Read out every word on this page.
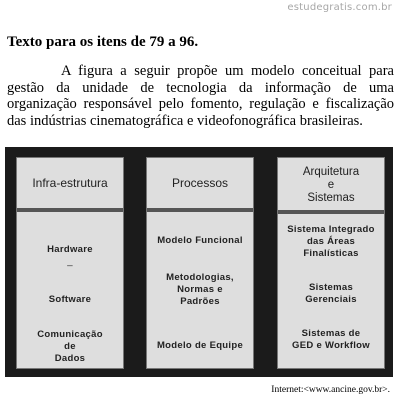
estudegratis.com.br
Texto para os itens de 79 a 96.
A figura a seguir propõe um modelo conceitual para gestão da unidade de tecnologia da informação de uma organização responsável pelo fomento, regulação e fiscalização das indústrias cinematográfica e videofonográfica brasileiras.
Infra-estrutura
Hardware
_
Software
Comunicação
de
Dados
Processos
Modelo Funcional
Metodologias,
Normas e
Padrões
Modelo de Equipe
Arquitetura
e
Sistemas
Sistema Integrado
das Áreas
Finalísticas
Sistemas
Gerenciais
Sistemas de
GED e Workflow
Internet:<www.ancine.gov.br>.
